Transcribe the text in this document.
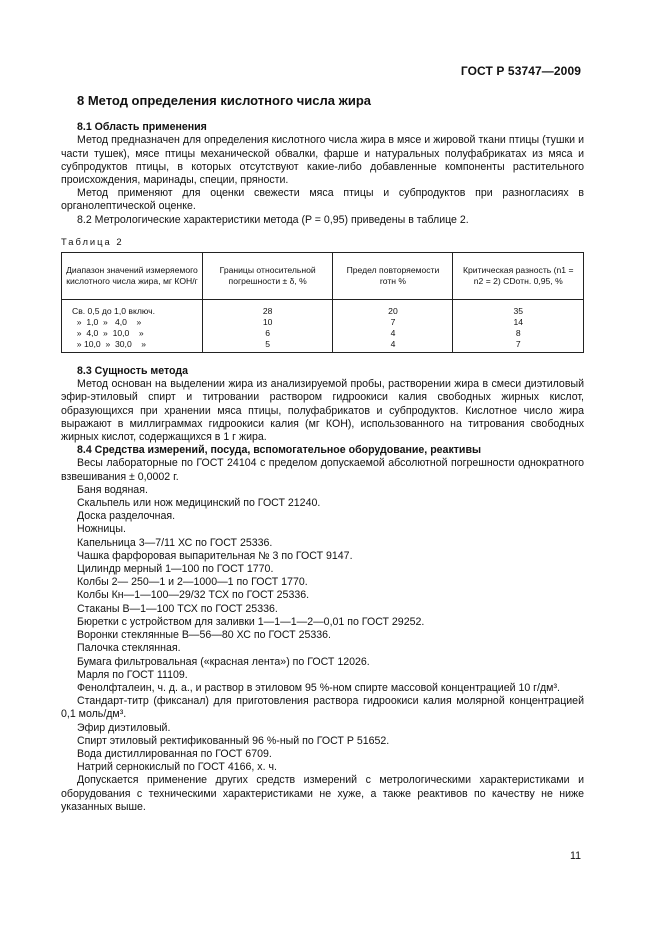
ГОСТ Р 53747—2009
8 Метод определения кислотного числа жира
8.1 Область применения

Метод предназначен для определения кислотного числа жира в мясе и жировой ткани птицы (тушки и части тушек), мясе птицы механической обвалки, фарше и натуральных полуфабрикатах из мяса и субпродуктов птицы, в которых отсутствуют какие-либо добавленные компоненты растительного происхождения, маринады, специи, пряности.

Метод применяют для оценки свежести мяса птицы и субпродуктов при разногласиях в органолептической оценке.

8.2 Метрологические характеристики метода (P = 0,95) приведены в таблице 2.

Таблица 2
Диапазон значений измеряемого кислотного числа жира, мг КОН/г	Границы относительной погрешности ± δ, %	Предел повторяемости rотн %	Критическая разность (n1 = n2 = 2) CDотн. 0,95, %
Св. 0,5 до 1,0 включ.	28	20	35
»  1,0  »   4,0    »	10	7	14
»  4,0  »  10,0    »	6	4	8
» 10,0  »  30,0    »	5	4	7
8.3 Сущность метода

Метод основан на выделении жира из анализируемой пробы, растворении жира в смеси диэтиловый эфир-этиловый спирт и титровании раствором гидроокиси калия свободных жирных кислот, образующихся при хранении мяса птицы, полуфабрикатов и субпродуктов. Кислотное число жира выражают в миллиграммах гидроокиси калия (мг КОН), использованного на титрования свободных жирных кислот, содержащихся в 1 г жира.

8.4 Средства измерений, посуда, вспомогательное оборудование, реактивы

Весы лабораторные по ГОСТ 24104 с пределом допускаемой абсолютной погрешности однократного взвешивания ± 0,0002 г.

Баня водяная.
Скальпель или нож медицинский по ГОСТ 21240.
Доска разделочная.
Ножницы.
Капельница 3—7/11 ХС по ГОСТ 25336.
Чашка фарфоровая выпарительная № 3 по ГОСТ 9147.
Цилиндр мерный 1—100 по ГОСТ 1770.
Колбы 2— 250—1 и 2—1000—1 по ГОСТ 1770.
Колбы Кн—1—100—29/32 ТСХ по ГОСТ 25336.
Стаканы В—1—100 ТСХ по ГОСТ 25336.
Бюретки с устройством для заливки 1—1—1—2—0,01 по ГОСТ 29252.
Воронки стеклянные В—56—80 ХС по ГОСТ 25336.
Палочка стеклянная.
Бумага фильтровальная («красная лента») по ГОСТ 12026.
Марля по ГОСТ 11109.
Фенолфталеин, ч. д. а., и раствор в этиловом 95 %-ном спирте массовой концентрацией 10 г/дм³.

Стандарт-титр (фиксанал) для приготовления раствора гидроокиси калия молярной концентрацией 0,1 моль/дм³.

Эфир диэтиловый.
Спирт этиловый ректификованный 96 %-ный по ГОСТ Р 51652.
Вода дистиллированная по ГОСТ 6709.
Натрий сернокислый по ГОСТ 4166, х. ч.

Допускается применение других средств измерений с метрологическими характеристиками и оборудования с техническими характеристиками не хуже, а также реактивов по качеству не ниже указанных выше.

11
